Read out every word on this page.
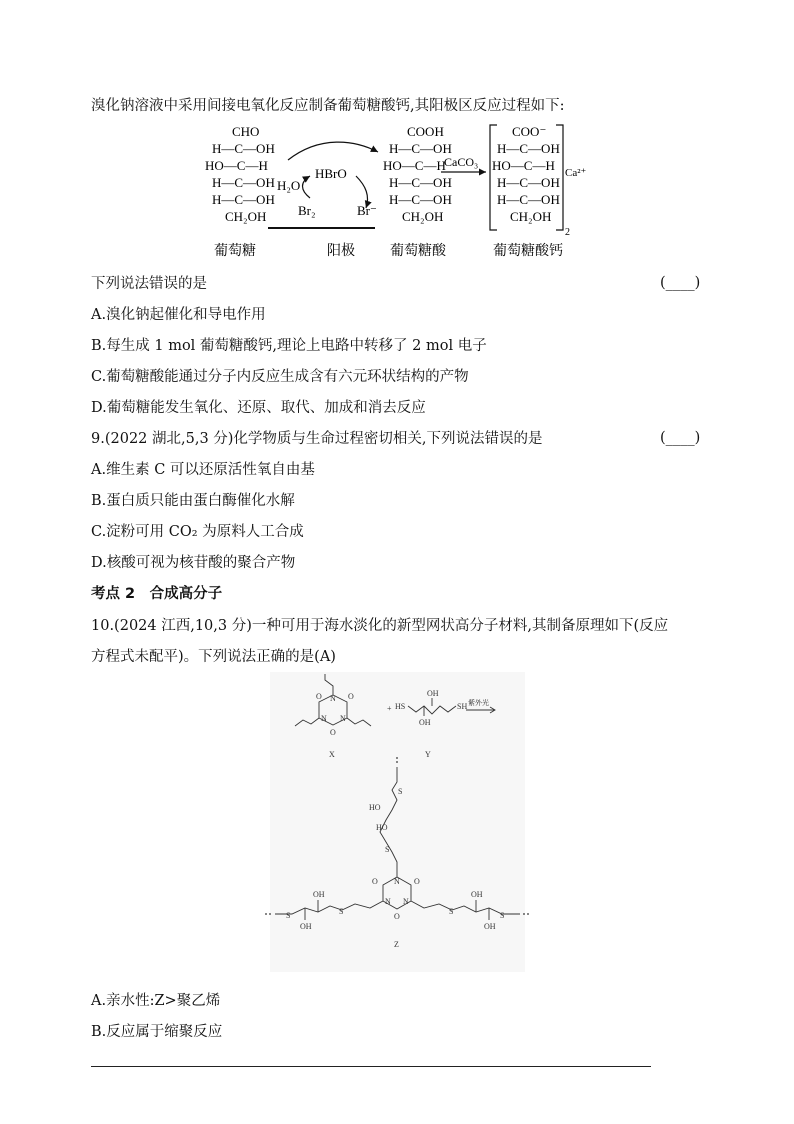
溴化钠溶液中采用间接电氧化反应制备葡萄糖酸钙,其阳极区反应过程如下:
CHO
H—C—OH
HO—C—H
H—C—OH
H—C—OH
CH₂OH
葡萄糖
HBrO
H₂O
Br₂	Br⁻
阳极
COOH
H—C—OH
HO—C—H
H—C—OH
H—C—OH
CH₂OH
葡萄糖酸
CaCO₃
COO⁻
H—C—OH
HO—C—H
H—C—OH
H—C—OH
CH₂OH
Ca²⁺
2
葡萄糖酸钙
下列说法错误的是	(____)
A.溴化钠起催化和导电作用
B.每生成 1 mol 葡萄糖酸钙,理论上电路中转移了 2 mol 电子
C.葡萄糖酸能通过分子内反应生成含有六元环状结构的产物
D.葡萄糖能发生氧化、还原、取代、加成和消去反应
9.(2022 湖北,5,3 分)化学物质与生命过程密切相关,下列说法错误的是	(____)
A.维生素 C 可以还原活性氧自由基
B.蛋白质只能由蛋白酶催化水解
C.淀粉可用 CO₂ 为原料人工合成
D.核酸可视为核苷酸的聚合产物
考点 2　合成高分子
10.(2024 江西,10,3 分)一种可用于海水淡化的新型网状高分子材料,其制备原理如下(反应
方程式未配平)。下列说法正确的是(A)
O	O
O
N
N N
X
+ HS	SH
OH
OH
Y
紫外光
S
HO
HO
S
O	O
O
N
N N
S	S	S	S
OH
OH
OH
OH
Z
A.亲水性:Z>聚乙烯
B.反应属于缩聚反应
